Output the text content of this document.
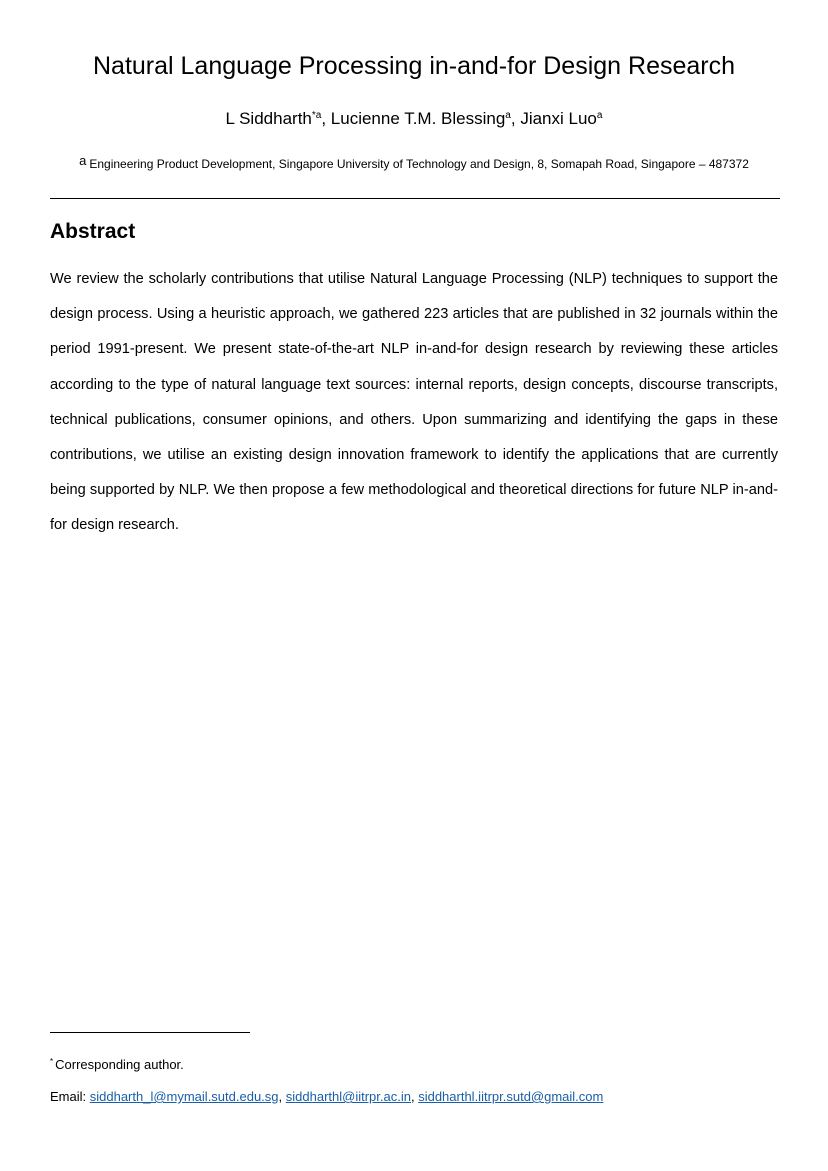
Natural Language Processing in-and-for Design Research
L Siddharth$^{*a}$, Lucienne T.M. Blessing$^a$, Jianxi Luo$^a$
$^a$ Engineering Product Development, Singapore University of Technology and Design, 8, Somapah Road, Singapore – 487372
Abstract
We review the scholarly contributions that utilise Natural Language Processing (NLP) techniques to support the design process. Using a heuristic approach, we gathered 223 articles that are published in 32 journals within the period 1991-present. We present state-of-the-art NLP in-and-for design research by reviewing these articles according to the type of natural language text sources: internal reports, design concepts, discourse transcripts, technical publications, consumer opinions, and others. Upon summarizing and identifying the gaps in these contributions, we utilise an existing design innovation framework to identify the applications that are currently being supported by NLP. We then propose a few methodological and theoretical directions for future NLP in-and-for design research.
* Corresponding author.
Email: siddharth_l@mymail.sutd.edu.sg, siddharthl@iitrpr.ac.in, siddharthl.iitrpr.sutd@gmail.com
